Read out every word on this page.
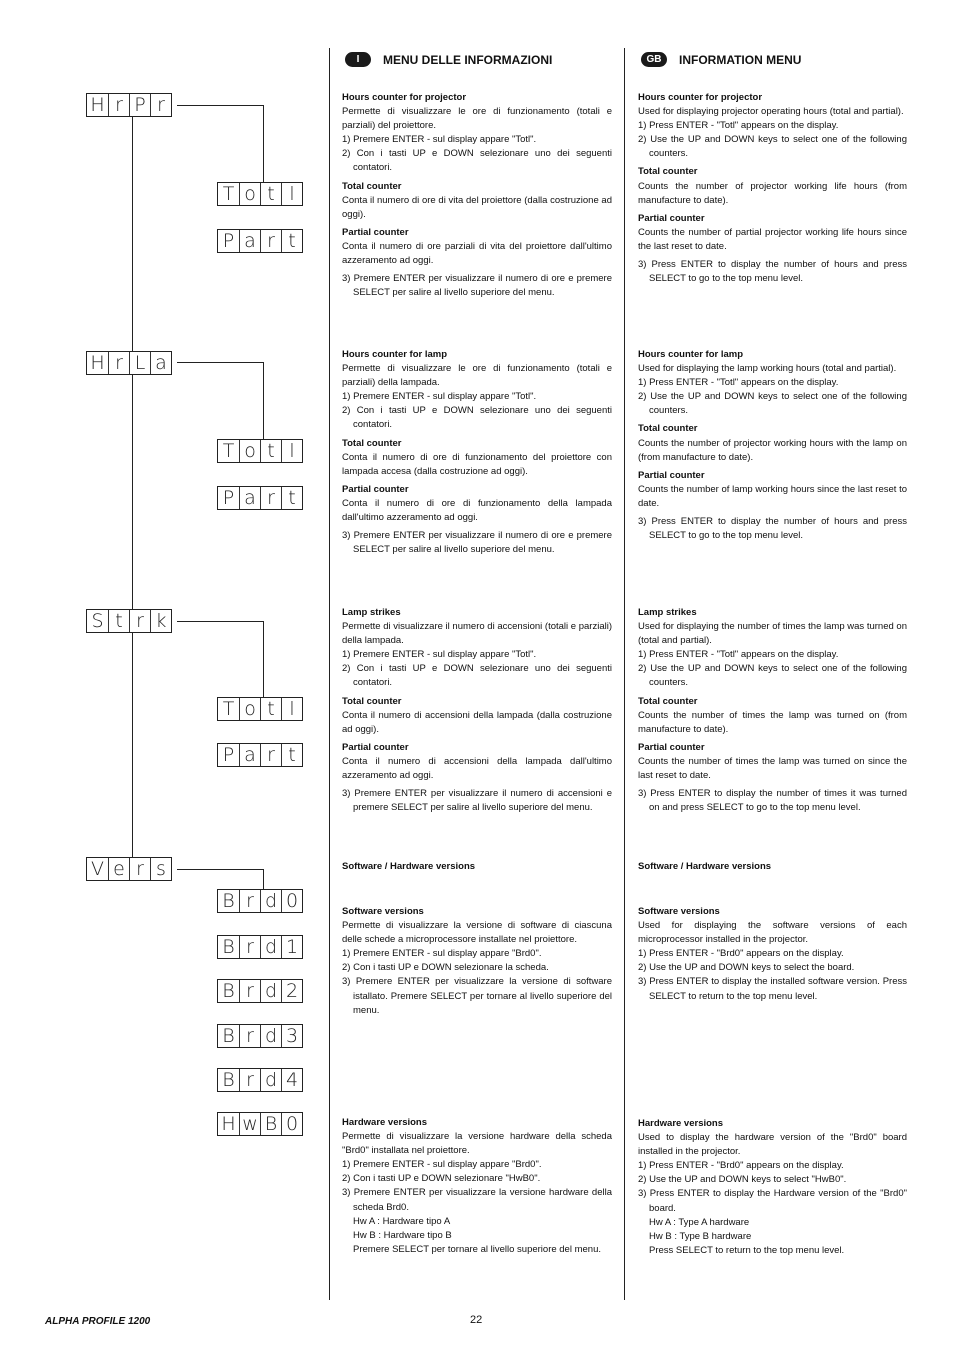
H r P r
T o t l
P a r t
H r L a
T o t l
P a r t
S t r k
T o t l
P a r t
V e r s
B r d 0
B r d 1
B r d 2
B r d 3
B r d 4
H w B 0
I	MENU DELLE INFORMAZIONI
Hours counter for projector
Permette di visualizzare le ore di funzionamento (totali e parziali) del proiettore.
1) Premere ENTER - sul display appare "Totl".
2) Con i tasti UP e DOWN selezionare uno dei seguenti contatori.
Total counter
Conta il numero di ore di vita del proiettore (dalla costruzione ad oggi).
Partial counter
Conta il numero di ore parziali di vita del proiettore dall'ultimo azzeramento ad oggi.
3) Premere ENTER per visualizzare il numero di ore e premere SELECT per salire al livello superiore del menu.
Hours counter for lamp
Permette di visualizzare le ore di funzionamento (totali e parziali) della lampada.
1) Premere ENTER - sul display appare "Totl".
2) Con i tasti UP e DOWN selezionare uno dei seguenti contatori.
Total counter
Conta il numero di ore di funzionamento del proiettore con lampada accesa (dalla costruzione ad oggi).
Partial counter
Conta il numero di ore di funzionamento della lampada dall'ultimo azzeramento ad oggi.
3) Premere ENTER per visualizzare il numero di ore e premere SELECT per salire al livello superiore del menu.
Lamp strikes
Permette di visualizzare il numero di accensioni (totali e parziali) della lampada.
1) Premere ENTER - sul display appare "Totl".
2) Con i tasti UP e DOWN selezionare uno dei seguenti contatori.
Total counter
Conta il numero di accensioni della lampada (dalla costruzione ad oggi).
Partial counter
Conta il numero di accensioni della lampada dall'ultimo azzeramento ad oggi.
3) Premere ENTER per visualizzare il numero di accensioni e premere SELECT per salire al livello superiore del menu.
Software / Hardware versions
Software versions
Permette di visualizzare la versione di software di ciascuna delle schede a microprocessore installate nel proiettore.
1) Premere ENTER - sul display appare "Brd0".
2) Con i tasti UP e DOWN selezionare la scheda.
3) Premere ENTER per visualizzare la versione di software istallato. Premere SELECT per tornare al livello superiore del menu.
Hardware versions
Permette di visualizzare la versione hardware della scheda "Brd0" installata nel proiettore.
1) Premere ENTER - sul display appare "Brd0".
2) Con i tasti UP e DOWN selezionare "HwB0".
3) Premere ENTER per visualizzare la versione hardware della scheda Brd0.
Hw A : Hardware tipo A
Hw B : Hardware tipo B
Premere SELECT per tornare al livello superiore del menu.
GB	INFORMATION MENU
Hours counter for projector
Used for displaying projector operating hours (total and partial).
1) Press ENTER - "Totl" appears on the display.
2) Use the UP and DOWN keys to select one of the following counters.
Total counter
Counts the number of projector working life hours (from manufacture to date).
Partial counter
Counts the number of partial projector working life hours since the last reset to date.
3) Press ENTER to display the number of hours and press SELECT to go to the top menu level.
Hours counter for lamp
Used for displaying the lamp working hours (total and partial).
1) Press ENTER - "Totl" appears on the display.
2) Use the UP and DOWN keys to select one of the following counters.
Total counter
Counts the number of projector working hours with the lamp on (from manufacture to date).
Partial counter
Counts the number of lamp working hours since the last reset to date.
3) Press ENTER to display the number of hours and press SELECT to go to the top menu level.
Lamp strikes
Used for displaying the number of times the lamp was turned on (total and partial).
1) Press ENTER - "Totl" appears on the display.
2) Use the UP and DOWN keys to select one of the following counters.
Total counter
Counts the number of times the lamp was turned on (from manufacture to date).
Partial counter
Counts the number of times the lamp was turned on since the last reset to date.
3) Press ENTER to display the number of times it was turned on and press SELECT to go to the top menu level.
Software / Hardware versions
Software versions
Used for displaying the software versions of each microprocessor installed in the projector.
1) Press ENTER - "Brd0" appears on the display.
2) Use the UP and DOWN keys to select the board.
3) Press ENTER to display the installed software version. Press SELECT to return to the top menu level.
Hardware versions
Used to display the hardware version of the "Brd0" board installed in the projector.
1) Press ENTER - "Brd0" appears on the display.
2) Use the UP and DOWN keys to select "HwB0".
3) Press ENTER to display the Hardware version of the "Brd0" board.
Hw A : Type A hardware
Hw B : Type B hardware
Press SELECT to return to the top menu level.
ALPHA PROFILE 1200	22
